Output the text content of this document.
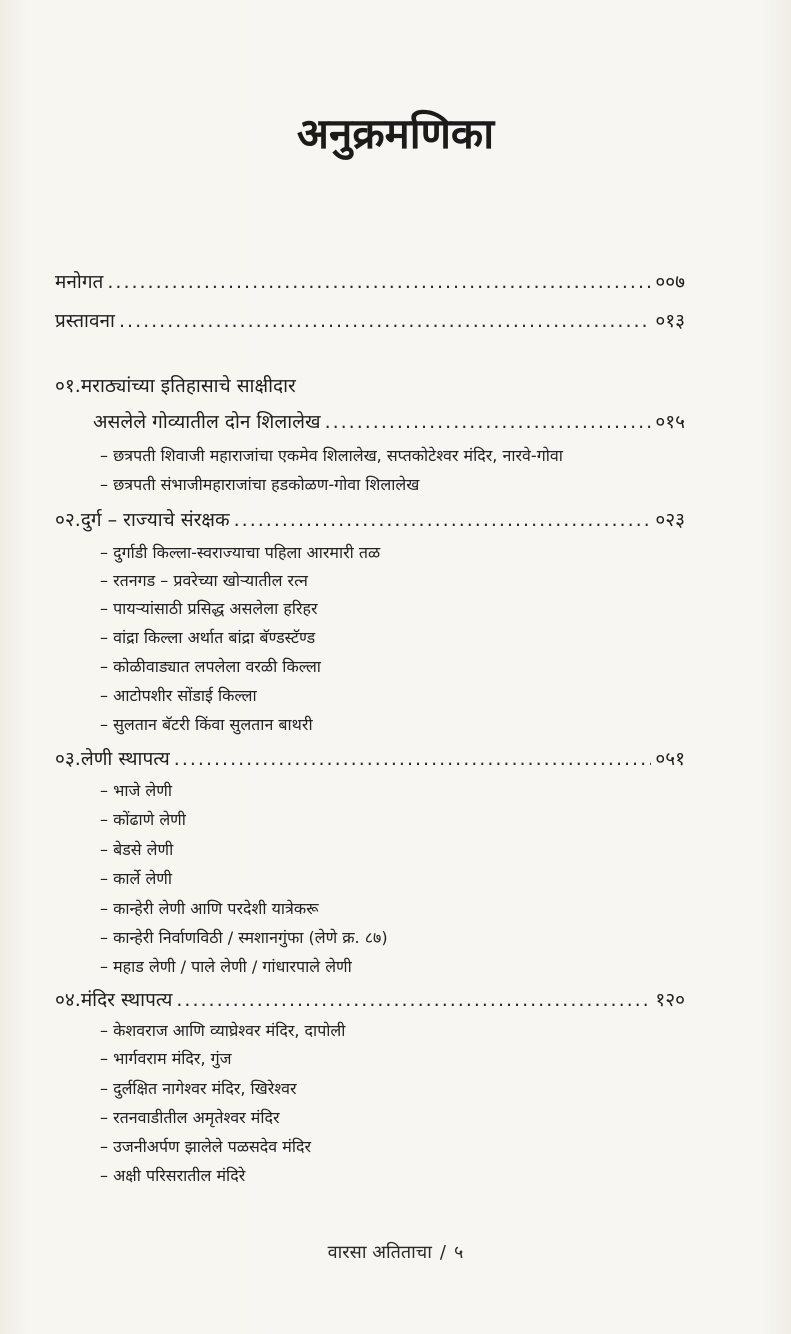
अनुक्रमणिका
मनोगत .....	००७
प्रस्तावना .....	०१३
०१.मराठ्यांच्या इतिहासाचे साक्षीदार
असलेले गोव्यातील दोन शिलालेख .....	०१५
– छत्रपती शिवाजी महाराजांचा एकमेव शिलालेख, सप्तकोटेश्वर मंदिर, नारवे-गोवा
– छत्रपती संभाजीमहाराजांचा हडकोळण-गोवा शिलालेख
०२.दुर्ग – राज्याचे संरक्षक .....	०२३
– दुर्गाडी किल्ला-स्वराज्याचा पहिला आरमारी तळ
– रतनगड – प्रवरेच्या खोऱ्यातील रत्न
– पायऱ्यांसाठी प्रसिद्ध असलेला हरिहर
– वांद्रा किल्ला अर्थात बांद्रा बॅण्डस्टॅण्ड
– कोळीवाड्यात लपलेला वरळी किल्ला
– आटोपशीर सोंडाई किल्ला
– सुलतान बॅटरी किंवा सुलतान बाथरी
०३.लेणी स्थापत्य .....	०५१
– भाजे लेणी
– कोंढाणे लेणी
– बेडसे लेणी
– कार्ले लेणी
– कान्हेरी लेणी आणि परदेशी यात्रेकरू
– कान्हेरी निर्वाणविठी / स्मशानगुंफा (लेणे क्र. ८७)
– महाड लेणी / पाले लेणी / गांधारपाले लेणी
०४.मंदिर स्थापत्य .....	१२०
– केशवराज आणि व्याघ्रेश्वर मंदिर, दापोली
– भार्गवराम मंदिर, गुंज
– दुर्लक्षित नागेश्वर मंदिर, खिरेश्वर
– रतनवाडीतील अमृतेश्वर मंदिर
– उजनीअर्पण झालेले पळसदेव मंदिर
– अक्षी परिसरातील मंदिरे
वारसा अतिताचा / ५
